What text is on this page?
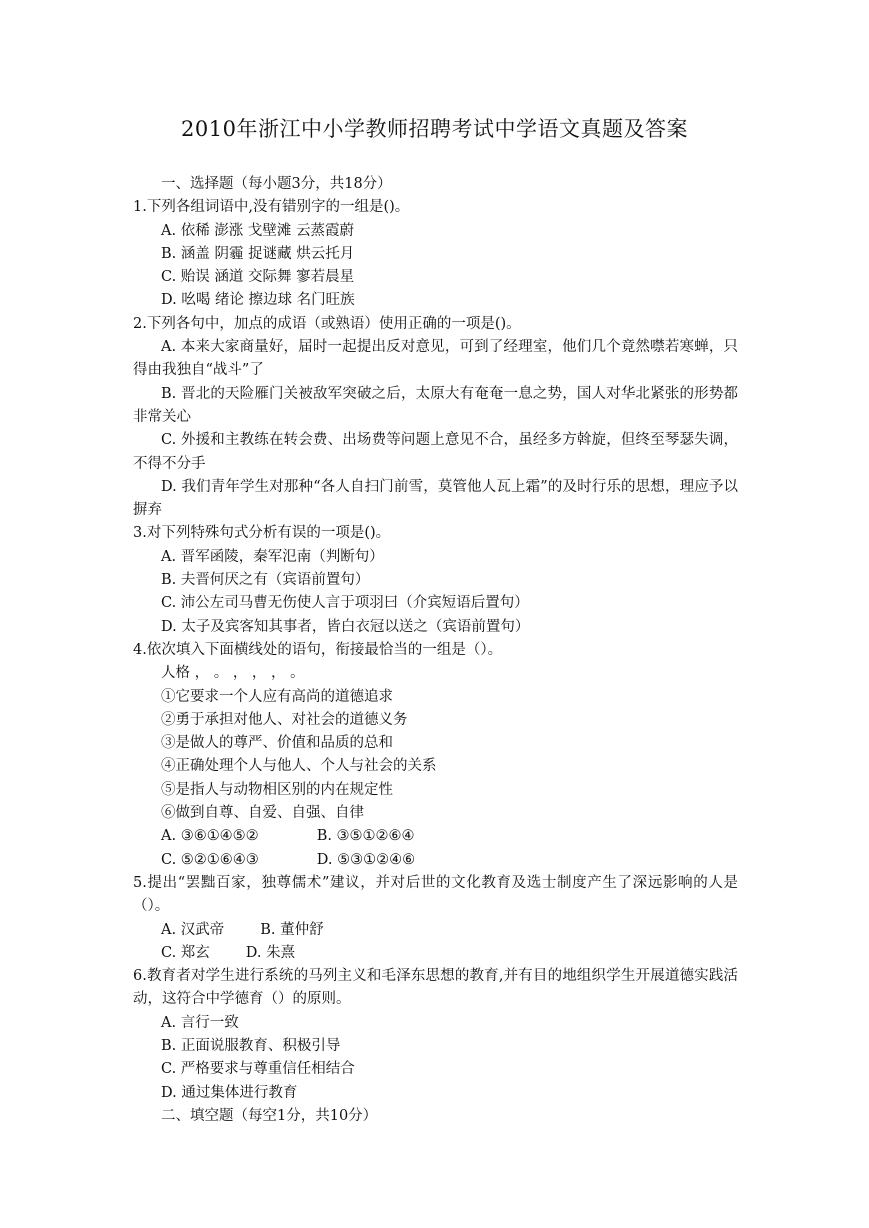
2010年浙江中小学教师招聘考试中学语文真题及答案
一、选择题（每小题3分，共18分）
1.下列各组词语中,没有错别字的一组是()。
A. 依稀 澎涨 戈壁滩 云蒸霞蔚
B. 涵盖 阴霾 捉谜藏 烘云托月
C. 贻误 涵道 交际舞 寥若晨星
D. 吆喝 绪论 擦边球 名门旺族
2.下列各句中，加点的成语（或熟语）使用正确的一项是()。
A. 本来大家商量好，届时一起提出反对意见，可到了经理室，他们几个竟然噤若寒蝉，只得由我独自“战斗”了
B. 晋北的天险雁门关被敌军突破之后，太原大有奄奄一息之势，国人对华北紧张的形势都非常关心
C. 外援和主教练在转会费、出场费等问题上意见不合，虽经多方斡旋，但终至琴瑟失调，不得不分手
D. 我们青年学生对那种“各人自扫门前雪，莫管他人瓦上霜”的及时行乐的思想，理应予以摒弃
3.对下列特殊句式分析有误的一项是()。
A. 晋军函陵，秦军氾南（判断句）
B. 夫晋何厌之有（宾语前置句）
C. 沛公左司马曹无伤使人言于项羽曰（介宾短语后置句）
D. 太子及宾客知其事者，皆白衣冠以送之（宾语前置句）
4.依次填入下面横线处的语句，衔接最恰当的一组是（）。
人格 ， 。 ， ， ， 。
①它要求一个人应有高尚的道德追求
②勇于承担对他人、对社会的道德义务
③是做人的尊严、价值和品质的总和
④正确处理个人与他人、个人与社会的关系
⑤是指人与动物相区别的内在规定性
⑥做到自尊、自爱、自强、自律
A. ③⑥①④⑤②	B. ③⑤①②⑥④
C. ⑤②①⑥④③	D. ⑤③①②④⑥
5.提出“罢黜百家，独尊儒术”建议，并对后世的文化教育及选士制度产生了深远影响的人是（）。
A. 汉武帝 B. 董仲舒
C. 郑玄 D. 朱熹
6.教育者对学生进行系统的马列主义和毛泽东思想的教育,并有目的地组织学生开展道德实践活动，这符合中学德育（）的原则。
A. 言行一致
B. 正面说服教育、积极引导
C. 严格要求与尊重信任相结合
D. 通过集体进行教育
二、填空题（每空1分，共10分）
